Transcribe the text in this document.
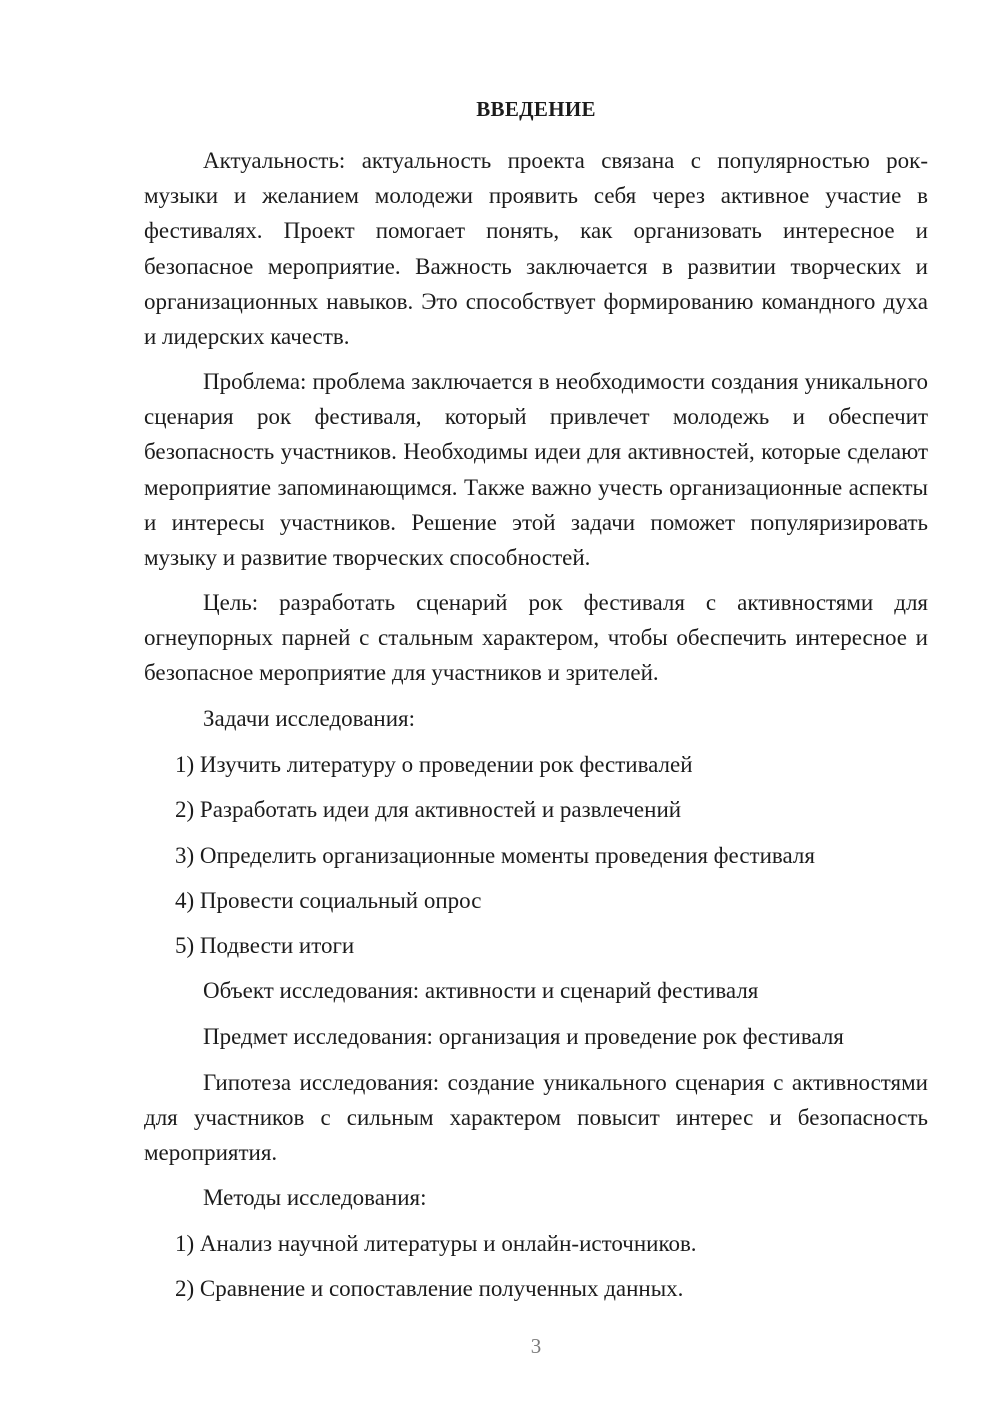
ВВЕДЕНИЕ

Актуальность: актуальность проекта связана с популярностью рок-музыки и желанием молодежи проявить себя через активное участие в фестивалях. Проект помогает понять, как организовать интересное и безопасное мероприятие. Важность заключается в развитии творческих и организационных навыков. Это способствует формированию командного духа и лидерских качеств.

Проблема: проблема заключается в необходимости создания уникального сценария рок фестиваля, который привлечет молодежь и обеспечит безопасность участников. Необходимы идеи для активностей, которые сделают мероприятие запоминающимся. Также важно учесть организационные аспекты и интересы участников. Решение этой задачи поможет популяризировать музыку и развитие творческих способностей.

Цель: разработать сценарий рок фестиваля с активностями для огнеупорных парней с стальным характером, чтобы обеспечить интересное и безопасное мероприятие для участников и зрителей.

Задачи исследования:

1) Изучить литературу о проведении рок фестивалей

2) Разработать идеи для активностей и развлечений

3) Определить организационные моменты проведения фестиваля

4) Провести социальный опрос

5) Подвести итоги

Объект исследования: активности и сценарий фестиваля

Предмет исследования: организация и проведение рок фестиваля

Гипотеза исследования: создание уникального сценария с активностями для участников с сильным характером повысит интерес и безопасность мероприятия.

Методы исследования:

1) Анализ научной литературы и онлайн-источников.

2) Сравнение и сопоставление полученных данных.

3
